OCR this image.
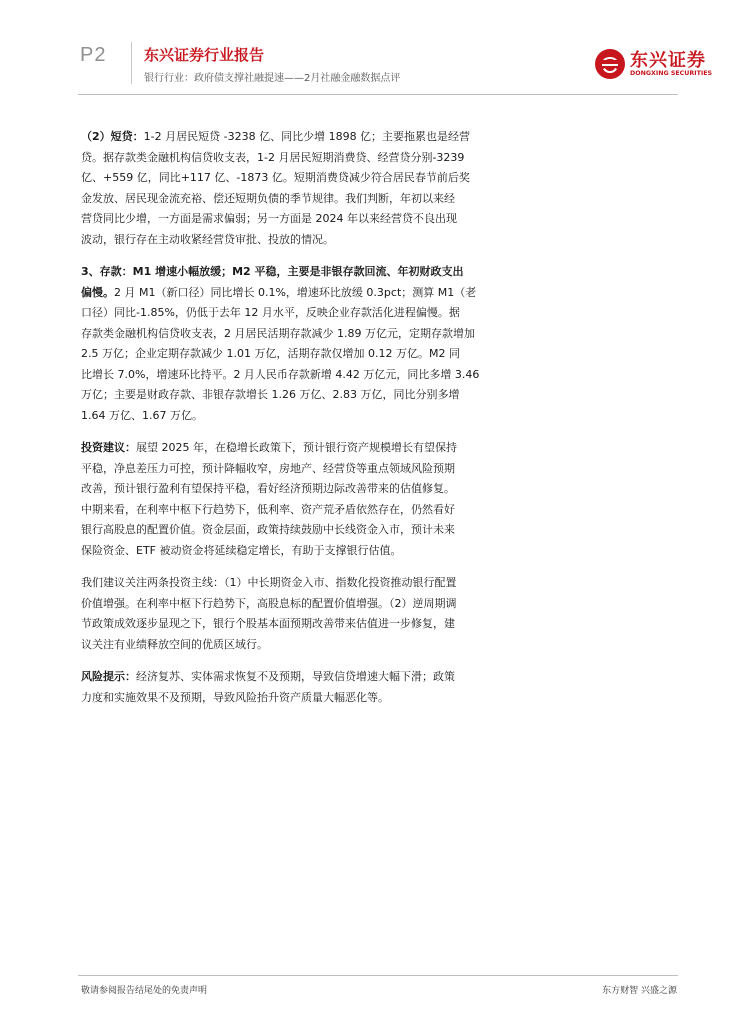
P2	东兴证券行业报告
银行行业：政府债支撑社融提速——2月社融金融数据点评
东兴证券
DONGXING SECURITIES
（2）短贷：1-2 月居民短贷 -3238 亿、同比少增 1898 亿；主要拖累也是经营
贷。据存款类金融机构信贷收支表，1-2 月居民短期消费贷、经营贷分别-3239
亿、+559 亿，同比+117 亿、-1873 亿。短期消费贷减少符合居民春节前后奖
金发放、居民现金流充裕、偿还短期负债的季节规律。我们判断，年初以来经
营贷同比少增，一方面是需求偏弱；另一方面是 2024 年以来经营贷不良出现
波动，银行存在主动收紧经营贷审批、投放的情况。
3、存款：M1 增速小幅放缓；M2 平稳，主要是非银存款回流、年初财政支出
偏慢。2 月 M1（新口径）同比增长 0.1%，增速环比放缓 0.3pct；测算 M1（老
口径）同比-1.85%，仍低于去年 12 月水平，反映企业存款活化进程偏慢。据
存款类金融机构信贷收支表，2 月居民活期存款减少 1.89 万亿元，定期存款增加
2.5 万亿；企业定期存款减少 1.01 万亿，活期存款仅增加 0.12 万亿。M2 同
比增长 7.0%，增速环比持平。2 月人民币存款新增 4.42 万亿元，同比多增 3.46
万亿；主要是财政存款、非银存款增长 1.26 万亿、2.83 万亿，同比分别多增
1.64 万亿、1.67 万亿。
投资建议：展望 2025 年，在稳增长政策下，预计银行资产规模增长有望保持
平稳，净息差压力可控，预计降幅收窄，房地产、经营贷等重点领域风险预期
改善，预计银行盈利有望保持平稳，看好经济预期边际改善带来的估值修复。
中期来看，在利率中枢下行趋势下，低利率、资产荒矛盾依然存在，仍然看好
银行高股息的配置价值。资金层面，政策持续鼓励中长线资金入市，预计未来
保险资金、ETF 被动资金将延续稳定增长，有助于支撑银行估值。
我们建议关注两条投资主线：（1）中长期资金入市、指数化投资推动银行配置
价值增强。在利率中枢下行趋势下，高股息标的配置价值增强。（2）逆周期调
节政策成效逐步显现之下，银行个股基本面预期改善带来估值进一步修复，建
议关注有业绩释放空间的优质区域行。
风险提示：经济复苏、实体需求恢复不及预期，导致信贷增速大幅下滑；政策
力度和实施效果不及预期，导致风险抬升资产质量大幅恶化等。
敬请参阅报告结尾处的免责声明	东方财智 兴盛之源
